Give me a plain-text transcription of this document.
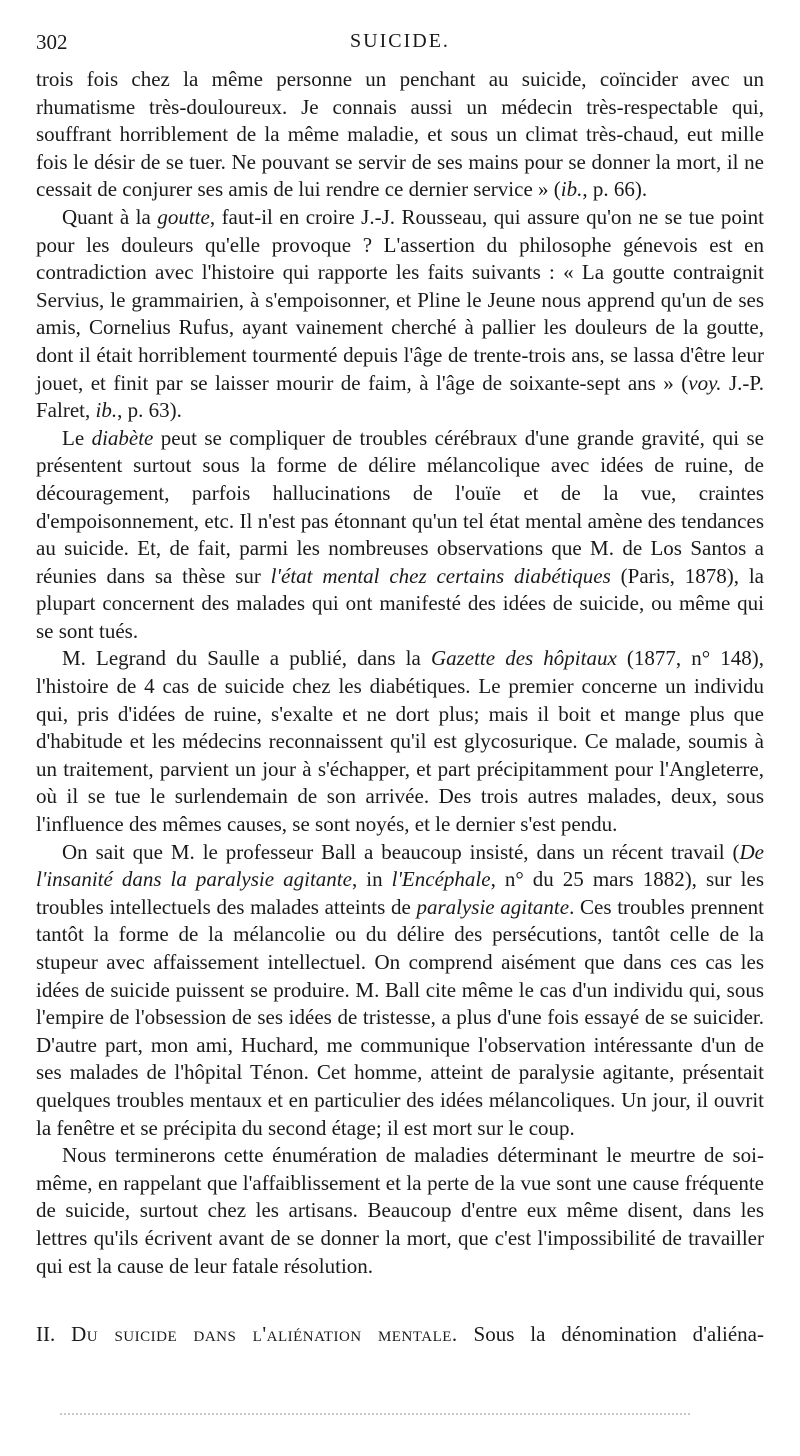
302	SUICIDE.

trois fois chez la même personne un penchant au suicide, coïncider avec un rhumatisme très-douloureux. Je connais aussi un médecin très-respectable qui, souffrant horriblement de la même maladie, et sous un climat très-chaud, eut mille fois le désir de se tuer. Ne pouvant se servir de ses mains pour se donner la mort, il ne cessait de conjurer ses amis de lui rendre ce dernier service » (ib., p. 66).

Quant à la goutte, faut-il en croire J.-J. Rousseau, qui assure qu'on ne se tue point pour les douleurs qu'elle provoque ? L'assertion du philosophe génevois est en contradiction avec l'histoire qui rapporte les faits suivants : « La goutte contraignit Servius, le grammairien, à s'empoisonner, et Pline le Jeune nous apprend qu'un de ses amis, Cornelius Rufus, ayant vainement cherché à pallier les douleurs de la goutte, dont il était horriblement tourmenté depuis l'âge de trente-trois ans, se lassa d'être leur jouet, et finit par se laisser mourir de faim, à l'âge de soixante-sept ans » (voy. J.-P. Falret, ib., p. 63).

Le diabète peut se compliquer de troubles cérébraux d'une grande gravité, qui se présentent surtout sous la forme de délire mélancolique avec idées de ruine, de découragement, parfois hallucinations de l'ouïe et de la vue, craintes d'empoisonnement, etc. Il n'est pas étonnant qu'un tel état mental amène des tendances au suicide. Et, de fait, parmi les nombreuses observations que M. de Los Santos a réunies dans sa thèse sur l'état mental chez certains diabétiques (Paris, 1878), la plupart concernent des malades qui ont manifesté des idées de suicide, ou même qui se sont tués.

M. Legrand du Saulle a publié, dans la Gazette des hôpitaux (1877, n° 148), l'histoire de 4 cas de suicide chez les diabétiques. Le premier concerne un individu qui, pris d'idées de ruine, s'exalte et ne dort plus; mais il boit et mange plus que d'habitude et les médecins reconnaissent qu'il est glycosurique. Ce malade, soumis à un traitement, parvient un jour à s'échapper, et part précipitamment pour l'Angleterre, où il se tue le surlendemain de son arrivée. Des trois autres malades, deux, sous l'influence des mêmes causes, se sont noyés, et le dernier s'est pendu.

On sait que M. le professeur Ball a beaucoup insisté, dans un récent travail (De l'insanité dans la paralysie agitante, in l'Encéphale, n° du 25 mars 1882), sur les troubles intellectuels des malades atteints de paralysie agitante. Ces troubles prennent tantôt la forme de la mélancolie ou du délire des persécutions, tantôt celle de la stupeur avec affaissement intellectuel. On comprend aisément que dans ces cas les idées de suicide puissent se produire. M. Ball cite même le cas d'un individu qui, sous l'empire de l'obsession de ses idées de tristesse, a plus d'une fois essayé de se suicider. D'autre part, mon ami, Huchard, me communique l'observation intéressante d'un de ses malades de l'hôpital Ténon. Cet homme, atteint de paralysie agitante, présentait quelques troubles mentaux et en particulier des idées mélancoliques. Un jour, il ouvrit la fenêtre et se précipita du second étage; il est mort sur le coup.

Nous terminerons cette énumération de maladies déterminant le meurtre de soi-même, en rappelant que l'affaiblissement et la perte de la vue sont une cause fréquente de suicide, surtout chez les artisans. Beaucoup d'entre eux même disent, dans les lettres qu'ils écrivent avant de se donner la mort, que c'est l'impossibilité de travailler qui est la cause de leur fatale résolution.

II. Du suicide dans l'aliénation mentale. Sous la dénomination d'aliéna-
